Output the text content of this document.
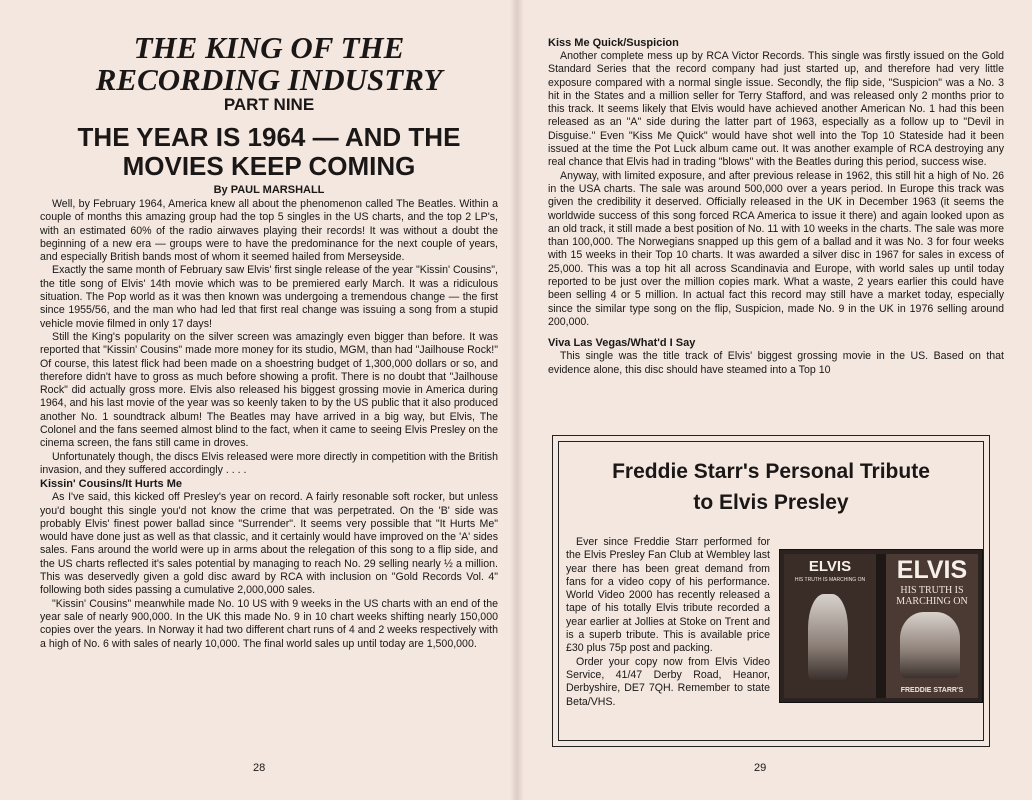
THE KING OF THE
RECORDING INDUSTRY
PART NINE
THE YEAR IS 1964 — AND THE
MOVIES KEEP COMING
By PAUL MARSHALL

Well, by February 1964, America knew all about the phenomenon called The Beatles. Within a couple of months this amazing group had the top 5 singles in the US charts, and the top 2 LP's, with an estimated 60% of the radio airwaves playing their records! It was without a doubt the beginning of a new era — groups were to have the predominance for the next couple of years, and especially British bands most of whom it seemed hailed from Merseyside.

Exactly the same month of February saw Elvis' first single release of the year "Kissin' Cousins", the title song of Elvis' 14th movie which was to be premiered early March. It was a ridiculous situation. The Pop world as it was then known was undergoing a tremendous change — the first since 1955/56, and the man who had led that first real change was issuing a song from a stupid vehicle movie filmed in only 17 days!

Still the King's popularity on the silver screen was amazingly even bigger than before. It was reported that "Kissin' Cousins" made more money for its studio, MGM, than had "Jailhouse Rock!" Of course, this latest flick had been made on a shoestring budget of 1,300,000 dollars or so, and therefore didn't have to gross as much before showing a profit. There is no doubt that "Jailhouse Rock" did actually gross more. Elvis also released his biggest grossing movie in America during 1964, and his last movie of the year was so keenly taken to by the US public that it also produced another No. 1 soundtrack album! The Beatles may have arrived in a big way, but Elvis, The Colonel and the fans seemed almost blind to the fact, when it came to seeing Elvis Presley on the cinema screen, the fans still came in droves.

Unfortunately though, the discs Elvis released were more directly in competition with the British invasion, and they suffered accordingly . . . .

Kissin' Cousins/It Hurts Me

As I've said, this kicked off Presley's year on record. A fairly resonable soft rocker, but unless you'd bought this single you'd not know the crime that was perpetrated. On the 'B' side was probably Elvis' finest power ballad since "Surrender". It seems very possible that "It Hurts Me" would have done just as well as that classic, and it certainly would have improved on the 'A' sides sales. Fans around the world were up in arms about the relegation of this song to a flip side, and the US charts reflected it's sales potential by managing to reach No. 29 selling nearly ½ a million. This was deservedly given a gold disc award by RCA with inclusion on "Gold Records Vol. 4" following both sides passing a cumulative 2,000,000 sales.

"Kissin' Cousins" meanwhile made No. 10 US with 9 weeks in the US charts with an end of the year sale of nearly 900,000. In the UK this made No. 9 in 10 chart weeks shifting nearly 150,000 copies over the years. In Norway it had two different chart runs of 4 and 2 weeks respectively with a high of No. 6 with sales of nearly 10,000. The final world sales up until today are 1,500,000.

28
Kiss Me Quick/Suspicion

Another complete mess up by RCA Victor Records. This single was firstly issued on the Gold Standard Series that the record company had just started up, and therefore had very little exposure compared with a normal single issue. Secondly, the flip side, "Suspicion" was a No. 3 hit in the States and a million seller for Terry Stafford, and was released only 2 months prior to this track. It seems likely that Elvis would have achieved another American No. 1 had this been released as an "A" side during the latter part of 1963, especially as a follow up to "Devil in Disguise." Even "Kiss Me Quick" would have shot well into the Top 10 Stateside had it been issued at the time the Pot Luck album came out. It was another example of RCA destroying any real chance that Elvis had in trading "blows" with the Beatles during this period, success wise.

Anyway, with limited exposure, and after previous release in 1962, this still hit a high of No. 26 in the USA charts. The sale was around 500,000 over a years period. In Europe this track was given the credibility it deserved. Officially released in the UK in December 1963 (it seems the worldwide success of this song forced RCA America to issue it there) and again looked upon as an old track, it still made a best position of No. 11 with 10 weeks in the charts. The sale was more than 100,000. The Norwegians snapped up this gem of a ballad and it was No. 3 for four weeks with 15 weeks in their Top 10 charts. It was awarded a silver disc in 1967 for sales in excess of 25,000. This was a top hit all across Scandinavia and Europe, with world sales up until today reported to be just over the million copies mark. What a waste, 2 years earlier this could have been selling 4 or 5 million. In actual fact this record may still have a market today, especially since the similar type song on the flip, Suspicion, made No. 9 in the UK in 1976 selling around 200,000.

Viva Las Vegas/What'd I Say

This single was the title track of Elvis' biggest grossing movie in the US. Based on that evidence alone, this disc should have steamed into a Top 10

29
Freddie Starr's Personal Tribute
to Elvis Presley

Ever since Freddie Starr performed for the Elvis Presley Fan Club at Wembley last year there has been great demand from fans for a video copy of his performance. World Video 2000 has recently released a tape of his totally Elvis tribute recorded a year earlier at Jollies at Stoke on Trent and is a superb tribute. This is available price £30 plus 75p post and packing.

Order your copy now from Elvis Video Service, 41/47 Derby Road, Heanor, Derbyshire, DE7 7QH. Remember to state Beta/VHS.

ELVIS
HIS TRUTH IS MARCHING ON	ELVIS
HIS TRUTH IS MARCHING ON
FREDDIE STARR'S
